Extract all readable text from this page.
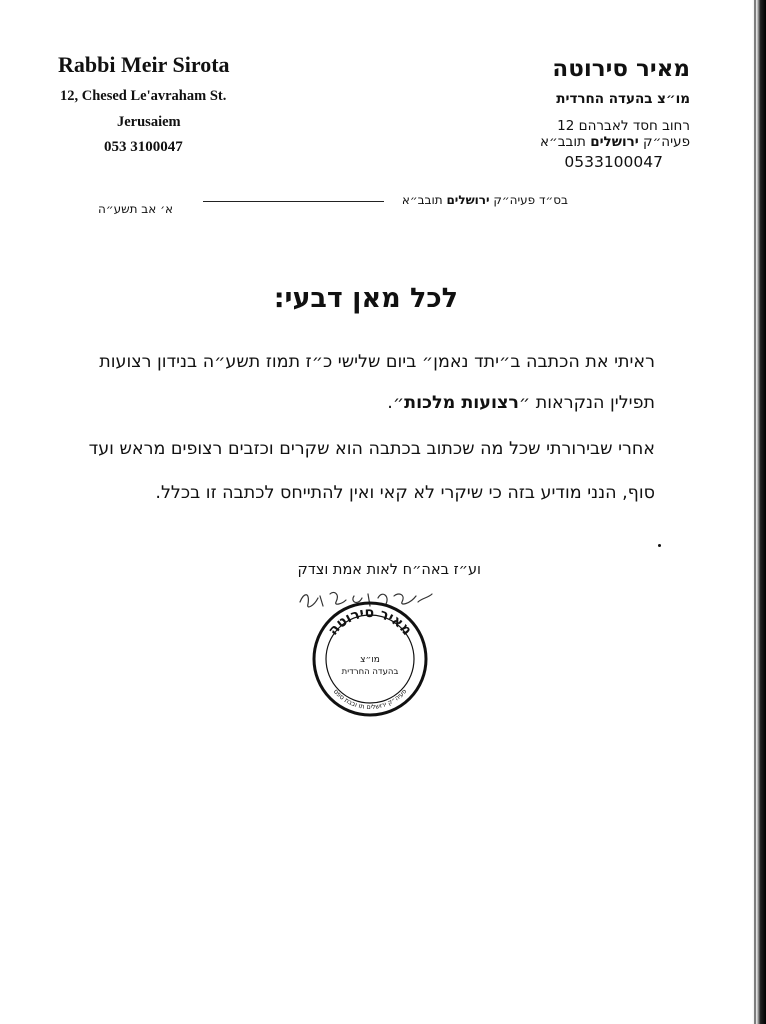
Rabbi Meir Sirota
12, Chesed Le'avraham St.
Jerusaiem
053 3100047
מאיר סירוטה
מו״צ בהעדה החרדית
רחוב חסד לאברהם 12
פעיה״ק ירושלים תובב״א
0533100047
בס״ד פעיה״ק ירושלים תובב״א
א׳ אב תשע״ה
לכל מאן דבעי:
ראיתי את הכתבה ב״יתד נאמן״ ביום שלישי כ״ז תמוז תשע״ה בנידון רצועות
תפילין הנקראות ״רצועות מלכות״.
אחרי שבירורתי שכל מה שכתוב בכתבה הוא שקרים וכזבים רצופים מראש ועד
סוף, הנני מודיע בזה כי שיקרי לא קאי ואין להתייחס לכתבה זו בכלל.
וע״ז באה״ח לאות אמת וצדק
מאיר סירוטה
מו״צ
בהעדה החרדית
פעיה״ק ירושלים תו ובבת ספס
